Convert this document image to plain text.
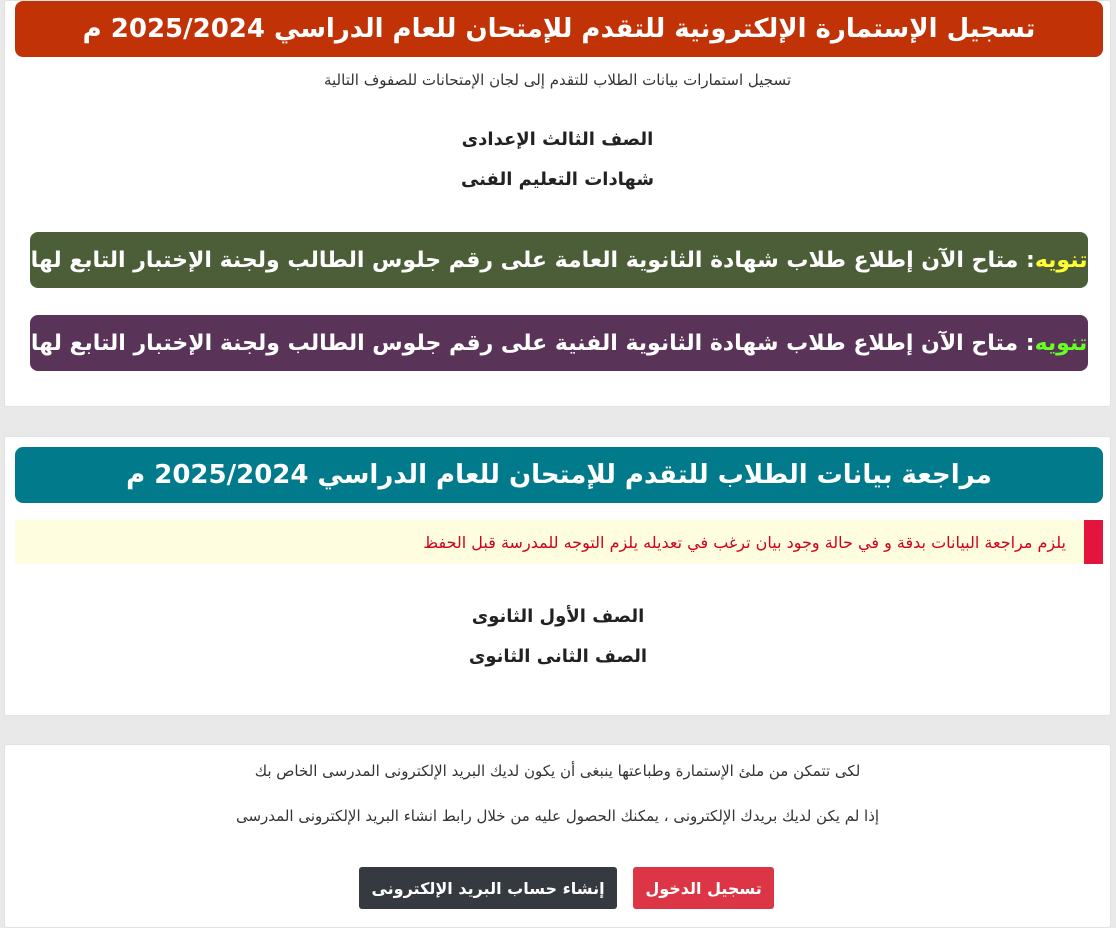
تسجيل الإستمارة الإلكترونية للتقدم للإمتحان للعام الدراسي 2025/2024 م
تسجيل استمارات بيانات الطلاب للتقدم إلى لجان الإمتحانات للصفوف التالية
الصف الثالث الإعدادى
شهادات التعليم الفنى
تنويه
: متاح الآن إطلاع طلاب شهادة الثانوية العامة على رقم جلوس الطالب ولجنة الإختبار التابع لها
تنويه
: متاح الآن إطلاع طلاب شهادة الثانوية الفنية على رقم جلوس الطالب ولجنة الإختبار التابع لها
مراجعة بيانات الطلاب للتقدم للإمتحان للعام الدراسي 2025/2024 م
يلزم مراجعة البيانات بدقة و في حالة وجود بيان ترغب في تعديله يلزم التوجه للمدرسة قبل الحفظ
الصف الأول الثانوى
الصف الثانى الثانوى
لكى تتمكن من ملئ الإستمارة وطباعتها ينبغى أن يكون لديك البريد الإلكترونى المدرسى الخاص بك
إذا لم يكن لديك بريدك الإلكترونى ، يمكنك الحصول عليه من خلال رابط انشاء البريد الإلكترونى المدرسى
تسجيل الدخول
إنشاء حساب البريد الإلكترونى
